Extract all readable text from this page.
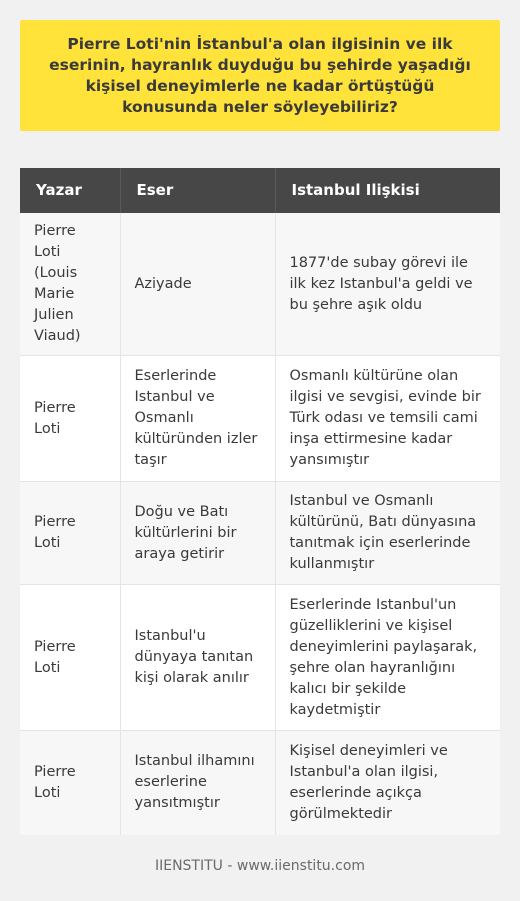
Pierre Loti'nin İstanbul'a olan ilgisinin ve ilk eserinin, hayranlık duyduğu bu şehirde yaşadığı kişisel deneyimlerle ne kadar örtüştüğü konusunda neler söyleyebiliriz?
Yazar	Eser	Istanbul Ilişkisi
Pierre Loti (Louis Marie Julien Viaud)	Aziyade	1877'de subay görevi ile ilk kez Istanbul'a geldi ve bu şehre aşık oldu
Pierre Loti	Eserlerinde Istanbul ve Osmanlı kültüründen izler taşır	Osmanlı kültürüne olan ilgisi ve sevgisi, evinde bir Türk odası ve temsili cami inşa ettirmesine kadar yansımıştır
Pierre Loti	Doğu ve Batı kültürlerini bir araya getirir	Istanbul ve Osmanlı kültürünü, Batı dünyasına tanıtmak için eserlerinde kullanmıştır
Pierre Loti	Istanbul'u dünyaya tanıtan kişi olarak anılır	Eserlerinde Istanbul'un güzelliklerini ve kişisel deneyimlerini paylaşarak, şehre olan hayranlığını kalıcı bir şekilde kaydetmiştir
Pierre Loti	Istanbul ilhamını eserlerine yansıtmıştır	Kişisel deneyimleri ve Istanbul'a olan ilgisi, eserlerinde açıkça görülmektedir
IIENSTITU - www.iienstitu.com
